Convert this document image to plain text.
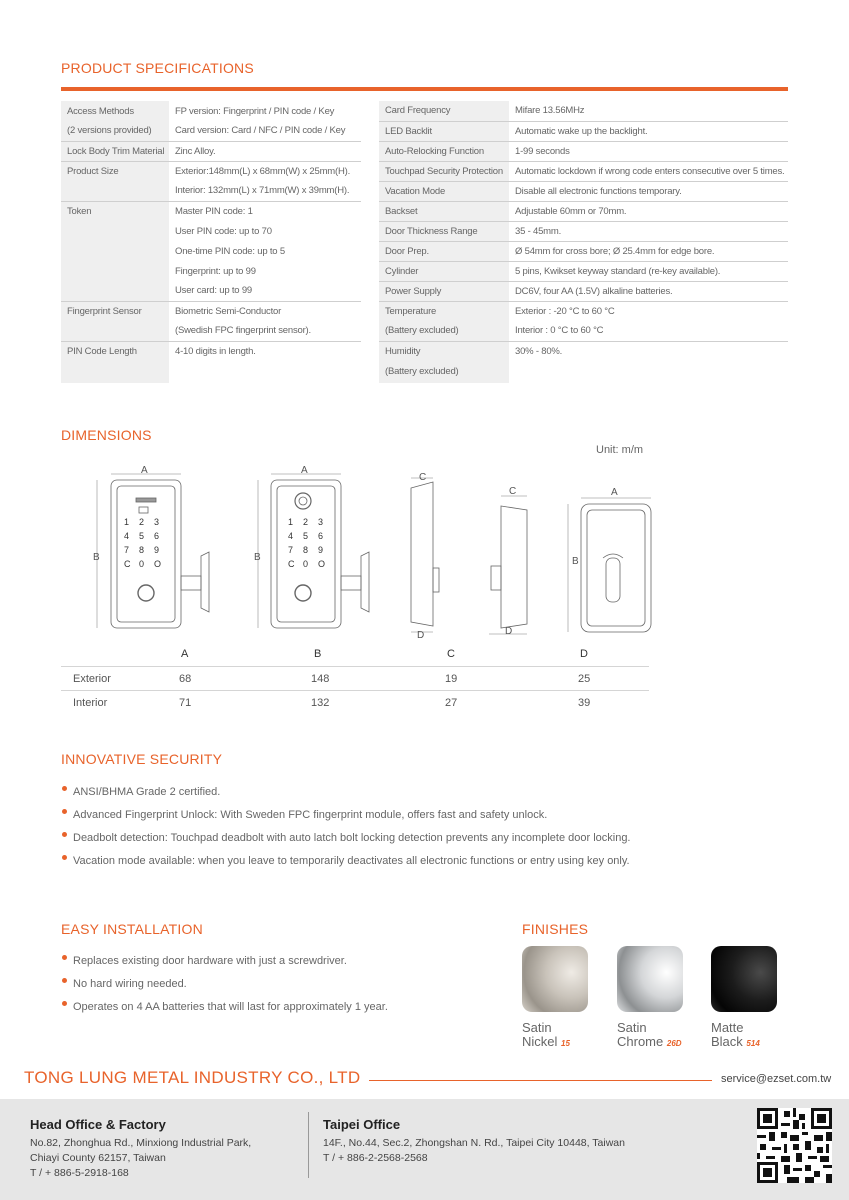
PRODUCT SPECIFICATIONS
Access Methods	FP version: Fingerprint / PIN code / Key
(2 versions provided)	Card version: Card / NFC / PIN code / Key
Lock Body Trim Material	Zinc Alloy.
Product Size	Exterior:148mm(L) x 68mm(W) x 25mm(H).
	Interior: 132mm(L) x 71mm(W) x 39mm(H).
Token	Master PIN code: 1
	User PIN code: up to 70
	One-time PIN code: up to 5
	Fingerprint: up to 99
	User card: up to 99
Fingerprint Sensor	Biometric Semi-Conductor
	(Swedish FPC fingerprint sensor).
PIN Code Length	4-10 digits in length.

Card Frequency	Mifare 13.56MHz
LED Backlit	Automatic wake up the backlight.
Auto-Relocking Function	1-99 seconds
Touchpad Security Protection	Automatic lockdown if wrong code enters consecutive over 5 times.
Vacation Mode	Disable all electronic functions temporary.
Backset	Adjustable 60mm or 70mm.
Door Thickness Range	35 - 45mm.
Door Prep.	Ø 54mm for cross bore; Ø 25.4mm for edge bore.
Cylinder	5 pins, Kwikset keyway standard (re-key available).
Power Supply	DC6V, four AA (1.5V) alkaline batteries.
Temperature	Exterior : -20 °C to 60 °C
(Battery excluded)	Interior : 0 °C to 60 °C
Humidity	30% - 80%.
(Battery excluded)	
DIMENSIONS
Unit: m/m
1 2 3
4 5 6
7 8 9
C 0 O
1 2 3
4 5 6
7 8 9
C 0 O
A
B
A
B
C
D
C
D
A
B
A	B	C	D
Exterior	68	148	19	25
Interior	71	132	27	39
INNOVATIVE SECURITY
ANSI/BHMA Grade 2 certified.
Advanced Fingerprint Unlock: With Sweden FPC fingerprint module, offers fast and safety unlock.
Deadbolt detection: Touchpad deadbolt with auto latch bolt locking detection prevents any incomplete door locking.
Vacation mode available: when you leave to temporarily deactivates all electronic functions or entry using key only.
EASY INSTALLATION
Replaces existing door hardware with just a screwdriver.
No hard wiring needed.
Operates on 4 AA batteries that will last for approximately 1 year.
FINISHES
Satin
Nickel 15
Satin
Chrome 26D
Matte
Black 514
TONG LUNG METAL INDUSTRY CO., LTD	service@ezset.com.tw
Head Office & Factory

No.82, Zhonghua Rd., Minxiong Industrial Park,
Chiayi County 62157, Taiwan
T / + 886-5-2918-168

Taipei Office

14F., No.44, Sec.2, Zhongshan N. Rd., Taipei City 10448, Taiwan
T / + 886-2-2568-2568
